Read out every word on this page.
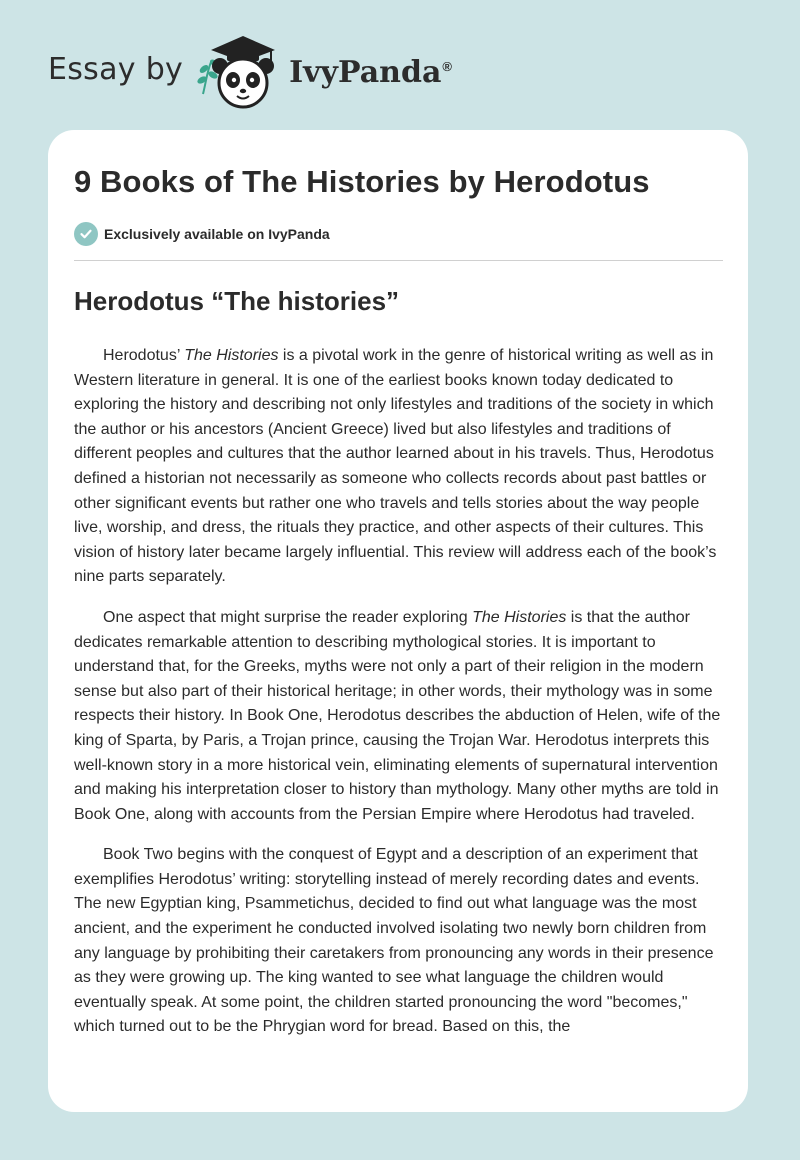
Essay by	IvyPanda®
9 Books of The Histories by Herodotus
Exclusively available on IvyPanda
Herodotus “The histories”

Herodotus’ The Histories is a pivotal work in the genre of historical writing as well as in Western literature in general. It is one of the earliest books known today dedicated to exploring the history and describing not only lifestyles and traditions of the society in which the author or his ancestors (Ancient Greece) lived but also lifestyles and traditions of different peoples and cultures that the author learned about in his travels. Thus, Herodotus defined a historian not necessarily as someone who collects records about past battles or other significant events but rather one who travels and tells stories about the way people live, worship, and dress, the rituals they practice, and other aspects of their cultures. This vision of history later became largely influential. This review will address each of the book’s nine parts separately.

One aspect that might surprise the reader exploring The Histories is that the author dedicates remarkable attention to describing mythological stories. It is important to understand that, for the Greeks, myths were not only a part of their religion in the modern sense but also part of their historical heritage; in other words, their mythology was in some respects their history. In Book One, Herodotus describes the abduction of Helen, wife of the king of Sparta, by Paris, a Trojan prince, causing the Trojan War. Herodotus interprets this well-known story in a more historical vein, eliminating elements of supernatural intervention and making his interpretation closer to history than mythology. Many other myths are told in Book One, along with accounts from the Persian Empire where Herodotus had traveled.

Book Two begins with the conquest of Egypt and a description of an experiment that exemplifies Herodotus’ writing: storytelling instead of merely recording dates and events. The new Egyptian king, Psammetichus, decided to find out what language was the most ancient, and the experiment he conducted involved isolating two newly born children from any language by prohibiting their caretakers from pronouncing any words in their presence as they were growing up. The king wanted to see what language the children would eventually speak. At some point, the children started pronouncing the word "becomes," which turned out to be the Phrygian word for bread. Based on this, the
